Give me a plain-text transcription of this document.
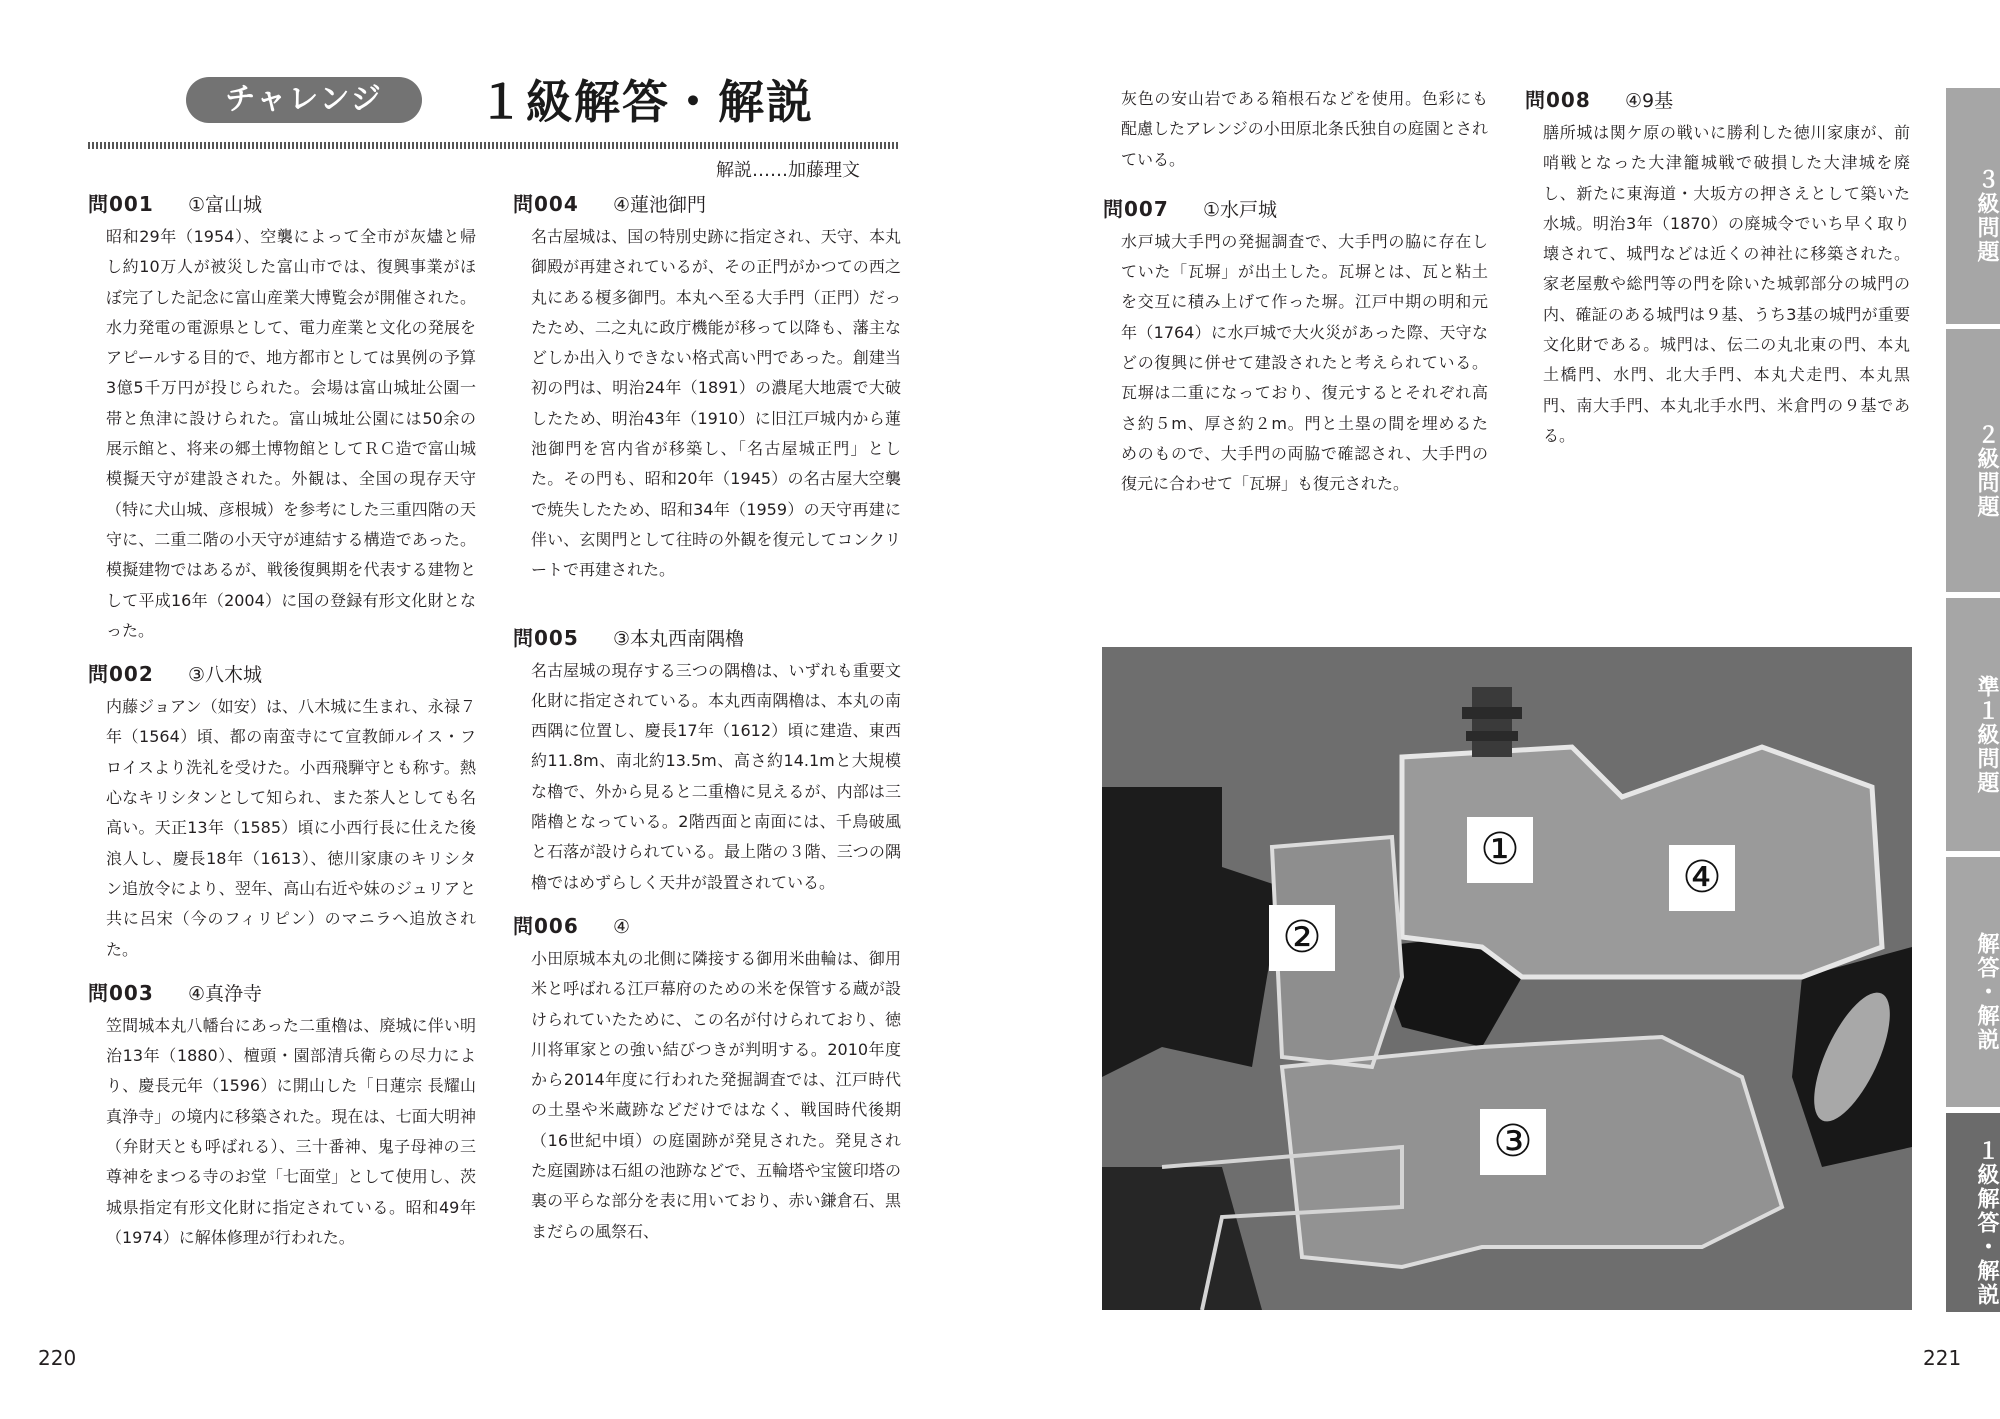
チャレンジ	１級解答・解説
解説……加藤理文
問001	①富山城
昭和29年（1954）、空襲によって全市が灰燼と帰し約10万人が被災した富山市では、復興事業がほぼ完了した記念に富山産業大博覧会が開催された。水力発電の電源県として、電力産業と文化の発展をアピールする目的で、地方都市としては異例の予算3億5千万円が投じられた。会場は富山城址公園一帯と魚津に設けられた。富山城址公園には50余の展示館と、将来の郷土博物館としてＲＣ造で富山城模擬天守が建設された。外観は、全国の現存天守（特に犬山城、彦根城）を参考にした三重四階の天守に、二重二階の小天守が連結する構造であった。模擬建物ではあるが、戦後復興期を代表する建物として平成16年（2004）に国の登録有形文化財となった。
問002	③八木城
内藤ジョアン（如安）は、八木城に生まれ、永禄７年（1564）頃、都の南蛮寺にて宣教師ルイス・フロイスより洗礼を受けた。小西飛騨守とも称す。熱心なキリシタンとして知られ、また茶人としても名高い。天正13年（1585）頃に小西行長に仕えた後浪人し、慶長18年（1613）、徳川家康のキリシタン追放令により、翌年、高山右近や妹のジュリアと共に呂宋（今のフィリピン）のマニラへ追放された。
問003	④真浄寺
笠間城本丸八幡台にあった二重櫓は、廃城に伴い明治13年（1880）、檀頭・園部清兵衛らの尽力により、慶長元年（1596）に開山した「日蓮宗 長耀山 真浄寺」の境内に移築された。現在は、七面大明神（弁財天とも呼ばれる）、三十番神、鬼子母神の三尊神をまつる寺のお堂「七面堂」として使用し、茨城県指定有形文化財に指定されている。昭和49年（1974）に解体修理が行われた。
問004	④蓮池御門
名古屋城は、国の特別史跡に指定され、天守、本丸御殿が再建されているが、その正門がかつての西之丸にある榎多御門。本丸へ至る大手門（正門）だったため、二之丸に政庁機能が移って以降も、藩主などしか出入りできない格式高い門であった。創建当初の門は、明治24年（1891）の濃尾大地震で大破したため、明治43年（1910）に旧江戸城内から蓮池御門を宮内省が移築し、「名古屋城正門」とした。その門も、昭和20年（1945）の名古屋大空襲で焼失したため、昭和34年（1959）の天守再建に伴い、玄関門として往時の外観を復元してコンクリートで再建された。
問005	③本丸西南隅櫓
名古屋城の現存する三つの隅櫓は、いずれも重要文化財に指定されている。本丸西南隅櫓は、本丸の南西隅に位置し、慶長17年（1612）頃に建造、東西約11.8m、南北約13.5m、高さ約14.1mと大規模な櫓で、外から見ると二重櫓に見えるが、内部は三階櫓となっている。2階西面と南面には、千鳥破風と石落が設けられている。最上階の３階、三つの隅櫓ではめずらしく天井が設置されている。
問006	④
小田原城本丸の北側に隣接する御用米曲輪は、御用米と呼ばれる江戸幕府のための米を保管する蔵が設けられていたために、この名が付けられており、徳川将軍家との強い結びつきが判明する。2010年度から2014年度に行われた発掘調査では、江戸時代の土塁や米蔵跡などだけではなく、戦国時代後期（16世紀中頃）の庭園跡が発見された。発見された庭園跡は石組の池跡などで、五輪塔や宝篋印塔の裏の平らな部分を表に用いており、赤い鎌倉石、黒まだらの風祭石、
灰色の安山岩である箱根石などを使用。色彩にも配慮したアレンジの小田原北条氏独自の庭園とされている。
問007	①水戸城
水戸城大手門の発掘調査で、大手門の脇に存在していた「瓦塀」が出土した。瓦塀とは、瓦と粘土を交互に積み上げて作った塀。江戸中期の明和元年（1764）に水戸城で大火災があった際、天守などの復興に併せて建設されたと考えられている。瓦塀は二重になっており、復元するとそれぞれ高さ約５m、厚さ約２m。門と土塁の間を埋めるためのもので、大手門の両脇で確認され、大手門の復元に合わせて「瓦塀」も復元された。
問008	④9基
膳所城は関ケ原の戦いに勝利した徳川家康が、前哨戦となった大津籠城戦で破損した大津城を廃し、新たに東海道・大坂方の押さえとして築いた水城。明治3年（1870）の廃城令でいち早く取り壊されて、城門などは近くの神社に移築された。家老屋敷や総門等の門を除いた城郭部分の城門の内、確証のある城門は９基、うち3基の城門が重要文化財である。城門は、伝二の丸北東の門、本丸土橋門、水門、北大手門、本丸犬走門、本丸黒門、南大手門、本丸北手水門、米倉門の９基である。
①
②
③
④
220	221
３級問題
２級問題
準１級問題
解答・解説
１級解答・解説
